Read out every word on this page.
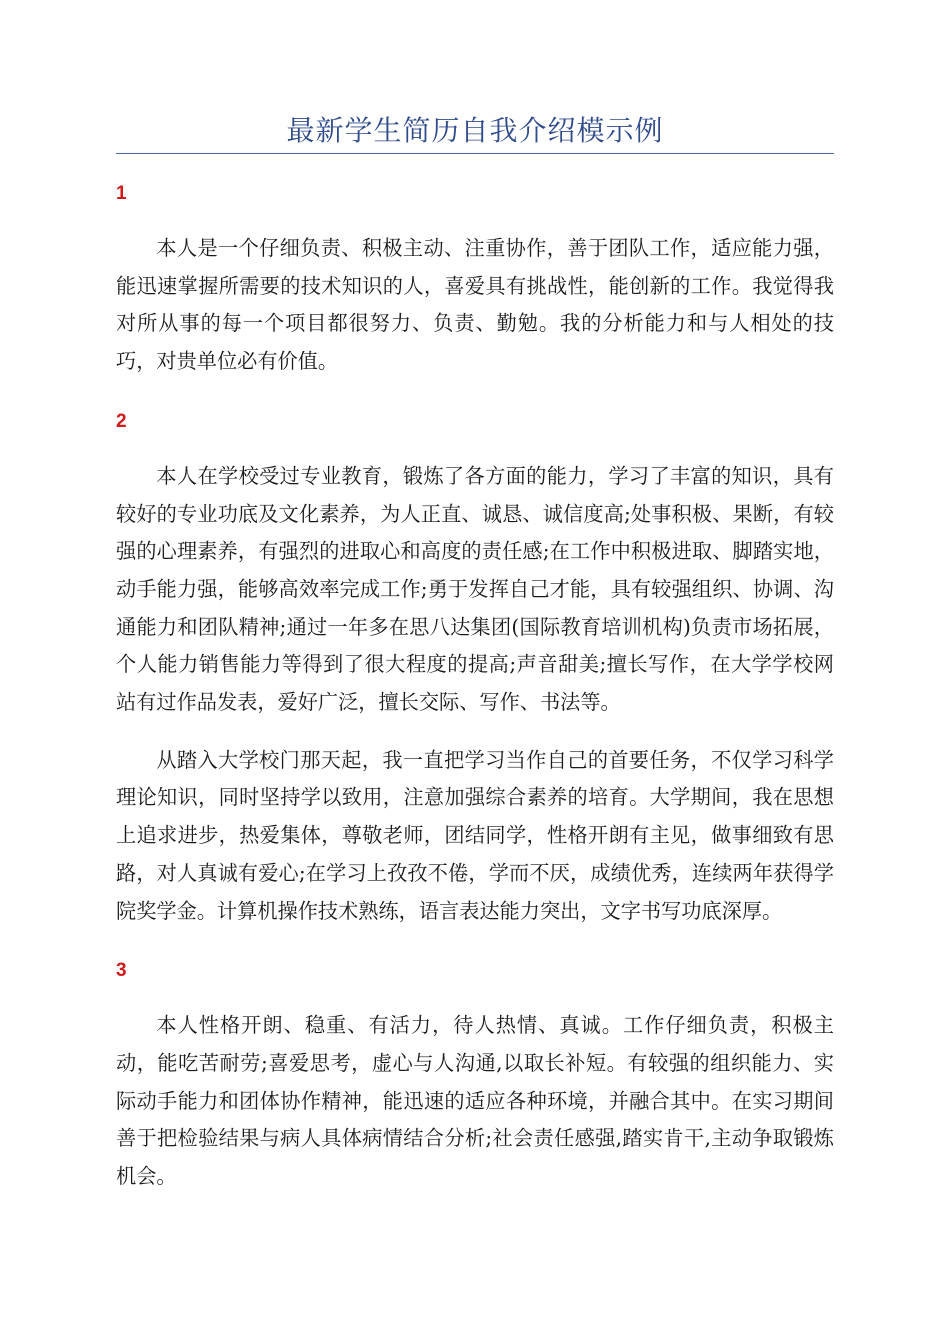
最新学生简历自我介绍模示例
1

本人是一个仔细负责、积极主动、注重协作，善于团队工作，适应能力强，能迅速掌握所需要的技术知识的人，喜爱具有挑战性，能创新的工作。我觉得我对所从事的每一个项目都很努力、负责、勤勉。我的分析能力和与人相处的技巧，对贵单位必有价值。

2

本人在学校受过专业教育，锻炼了各方面的能力，学习了丰富的知识，具有较好的专业功底及文化素养，为人正直、诚恳、诚信度高;处事积极、果断，有较强的心理素养，有强烈的进取心和高度的责任感;在工作中积极进取、脚踏实地，动手能力强，能够高效率完成工作;勇于发挥自己才能，具有较强组织、协调、沟通能力和团队精神;通过一年多在思八达集团(国际教育培训机构)负责市场拓展，个人能力销售能力等得到了很大程度的提高;声音甜美;擅长写作，在大学学校网站有过作品发表，爱好广泛，擅长交际、写作、书法等。

从踏入大学校门那天起，我一直把学习当作自己的首要任务，不仅学习科学理论知识，同时坚持学以致用，注意加强综合素养的培育。大学期间，我在思想上追求进步，热爱集体，尊敬老师，团结同学，性格开朗有主见，做事细致有思路，对人真诚有爱心;在学习上孜孜不倦，学而不厌，成绩优秀，连续两年获得学院奖学金。计算机操作技术熟练，语言表达能力突出，文字书写功底深厚。

3

本人性格开朗、稳重、有活力，待人热情、真诚。工作仔细负责，积极主动，能吃苦耐劳;喜爱思考，虚心与人沟通,以取长补短。有较强的组织能力、实际动手能力和团体协作精神，能迅速的适应各种环境，并融合其中。在实习期间善于把检验结果与病人具体病情结合分析;社会责任感强,踏实肯干,主动争取锻炼机会。
